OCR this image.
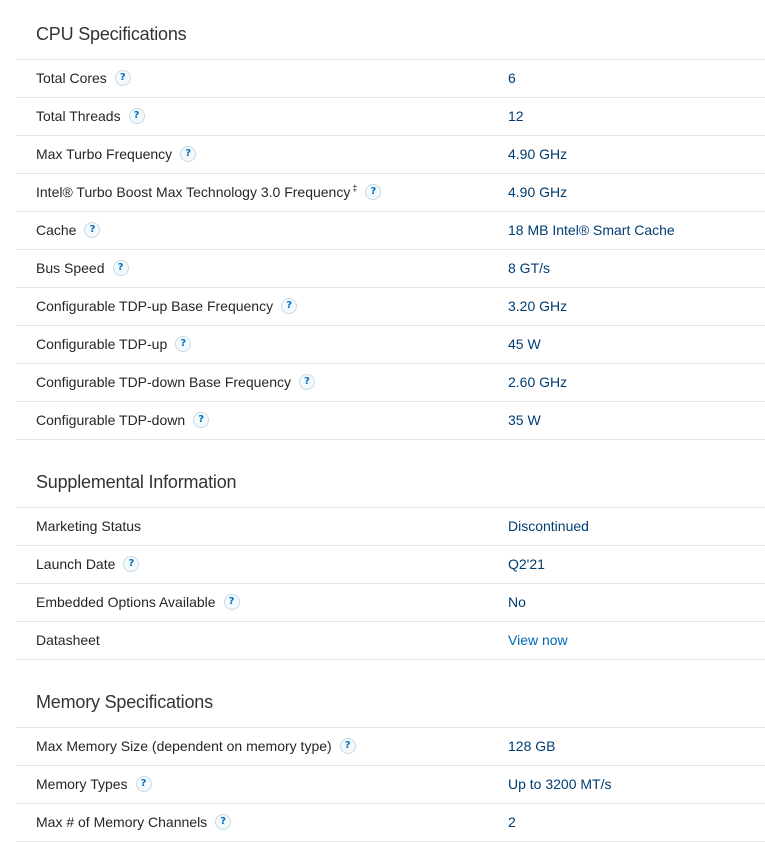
CPU Specifications
Total Cores ?	6
Total Threads ?	12
Max Turbo Frequency ?	4.90 GHz
Intel® Turbo Boost Max Technology 3.0 Frequency ‡ ?	4.90 GHz
Cache ?	18 MB Intel® Smart Cache
Bus Speed ?	8 GT/s
Configurable TDP-up Base Frequency ?	3.20 GHz
Configurable TDP-up ?	45 W
Configurable TDP-down Base Frequency ?	2.60 GHz
Configurable TDP-down ?	35 W
Supplemental Information
Marketing Status	Discontinued
Launch Date ?	Q2'21
Embedded Options Available ?	No
Datasheet	View now
Memory Specifications
Max Memory Size (dependent on memory type) ?	128 GB
Memory Types ?	Up to 3200 MT/s
Max # of Memory Channels ?	2
